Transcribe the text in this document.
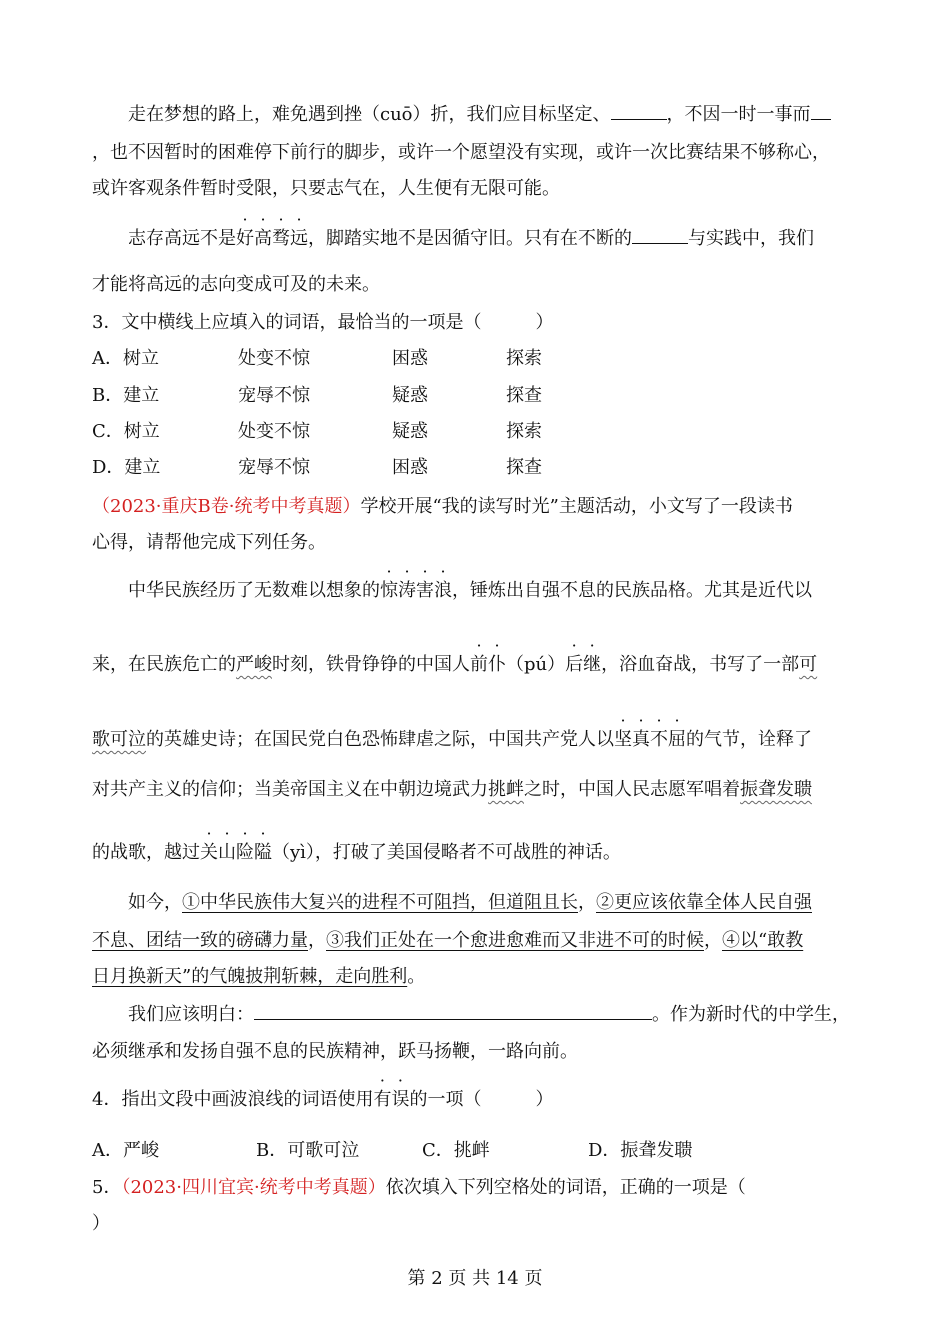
走在梦想的路上，难免遇到挫（cuō）折，我们应目标坚定、	，不因一时一事而
，也不因暂时的困难停下前行的脚步，或许一个愿望没有实现，或许一次比赛结果不够称心，
或许客观条件暂时受限，只要志气在，人生便有无限可能。
志存高远不是好高骛远，脚踏实地不是因循守旧。只有在不断的	与实践中，我们
才能将高远的志向变成可及的未来。
3．文中横线上应填入的词语，最恰当的一项是（　　　）
A．树立	处变不惊	困惑	探索
B．建立	宠辱不惊	疑惑	探查
C．树立	处变不惊	疑惑	探索
D．建立	宠辱不惊	困惑	探查
（2023·重庆B卷·统考中考真题）学校开展“我的读写时光”主题活动，小文写了一段读书
心得，请帮他完成下列任务。
中华民族经历了无数难以想象的惊涛害浪，锤炼出自强不息的民族品格。尤其是近代以
来，在民族危亡的严峻时刻，铁骨铮铮的中国人前仆（pú）后继，浴血奋战，书写了一部可
歌可泣的英雄史诗；在国民党白色恐怖肆虐之际，中国共产党人以坚真不屈的气节，诠释了
对共产主义的信仰；当美帝国主义在中朝边境武力挑衅之时，中国人民志愿军唱着振聋发聩
的战歌，越过关山险隘（yì），打破了美国侵略者不可战胜的神话。
如今，①中华民族伟大复兴的进程不可阻挡，但道阻且长，②更应该依靠全体人民自强
不息、团结一致的磅礴力量，③我们正处在一个愈进愈难而又非进不可的时候，④以“敢教
日月换新天”的气魄披荆斩棘，走向胜利。
我们应该明白：	。作为新时代的中学生，
必须继承和发扬自强不息的民族精神，跃马扬鞭，一路向前。
4．指出文段中画波浪线的词语使用有误的一项（　　　）
A．严峻	B．可歌可泣	C．挑衅	D．振聋发聩
5．（2023·四川宜宾·统考中考真题）依次填入下列空格处的词语，正确的一项是（
）
第 2 页 共 14 页
